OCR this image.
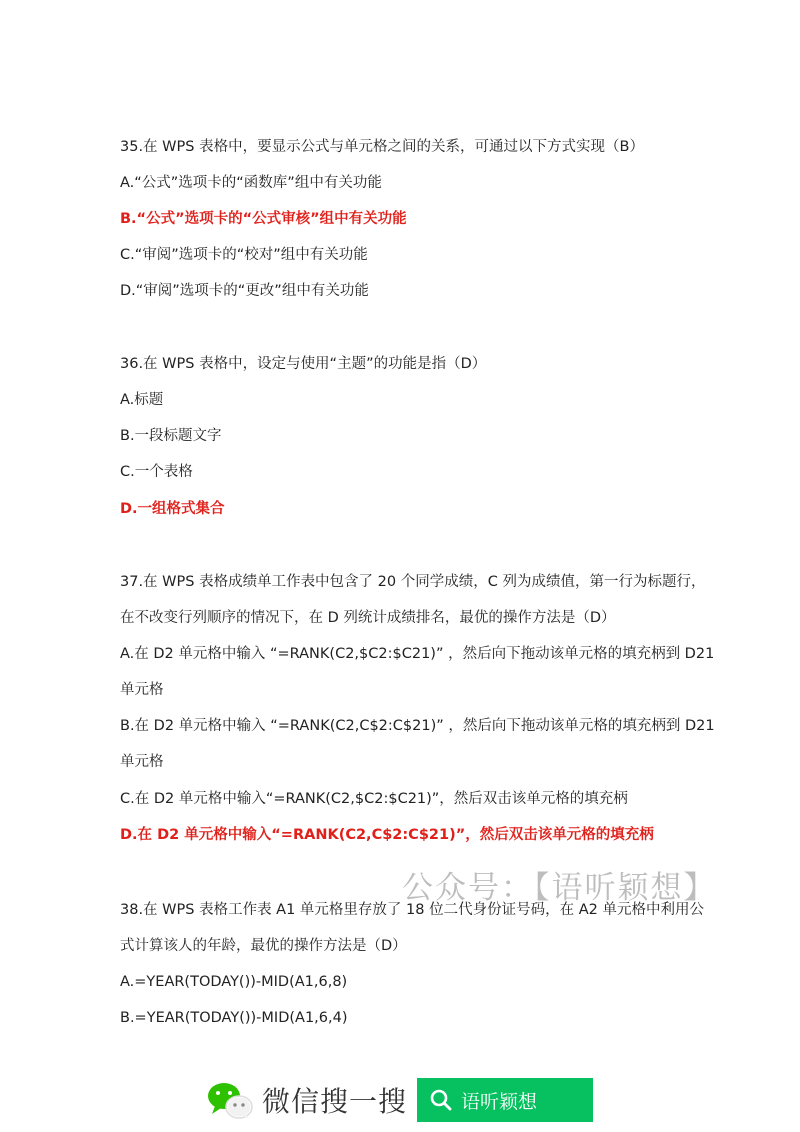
35.在 WPS 表格中，要显示公式与单元格之间的关系，可通过以下方式实现（B）

A.“公式”选项卡的“函数库”组中有关功能

B.“公式”选项卡的“公式审核”组中有关功能

C.“审阅”选项卡的“校对”组中有关功能

D.“审阅”选项卡的“更改”组中有关功能

36.在 WPS 表格中，设定与使用“主题”的功能是指（D）

A.标题

B.一段标题文字

C.一个表格

D.一组格式集合

37.在 WPS 表格成绩单工作表中包含了 20 个同学成绩，C 列为成绩值，第一行为标题行，

在不改变行列顺序的情况下，在 D 列统计成绩排名，最优的操作方法是（D）

A.在 D2 单元格中输入 “=RANK(C2,$C2:$C21)” ，然后向下拖动该单元格的填充柄到 D21

单元格

B.在 D2 单元格中输入 “=RANK(C2,C$2:C$21)” ，然后向下拖动该单元格的填充柄到 D21

单元格

C.在 D2 单元格中输入“=RANK(C2,$C2:$C21)”，然后双击该单元格的填充柄

D.在 D2 单元格中输入“=RANK(C2,C$2:C$21)”，然后双击该单元格的填充柄

公众号：【语听颖想】

38.在 WPS 表格工作表 A1 单元格里存放了 18 位二代身份证号码，在 A2 单元格中利用公

式计算该人的年龄，最优的操作方法是（D）

A.=YEAR(TODAY())-MID(A1,6,8)

B.=YEAR(TODAY())-MID(A1,6,4)

微信搜一搜	语听颖想
